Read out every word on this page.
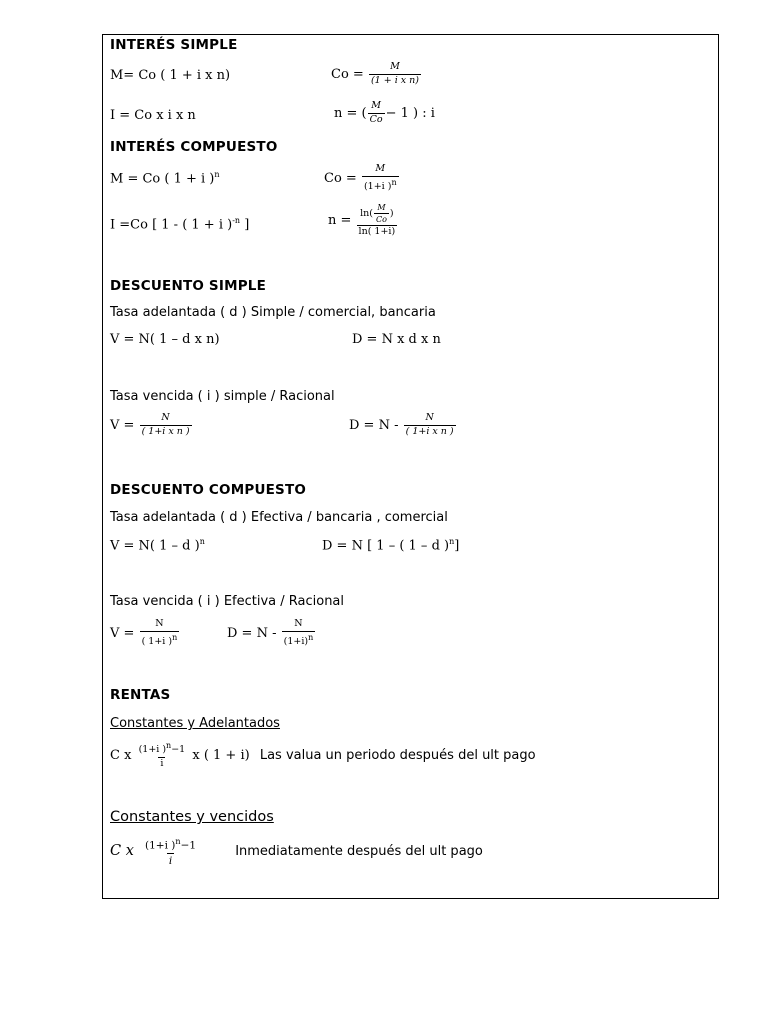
INTERÉS SIMPLE
M= Co ( 1 + i x n)	$Co = \frac{M}{\text{(1 + i x n)}}$
I = Co x i x n	n = ( $\frac{M}{Co} - 1$ ) : i
INTERÉS COMPUESTO
M = Co ( 1 + i )$^n$	$Co = \frac{M}{(1+i )^n}$
I =Co [ 1 - ( 1 + i )$^{-n}$ ]	$n = \frac{\ln( \frac{M}{Co} )}{\ln( 1+i)}$
DESCUENTO SIMPLE
Tasa adelantada ( d ) Simple / comercial, bancaria
V = N( 1 – d x n)	D = N x d x n
Tasa vencida ( i ) simple / Racional
$V = \frac{N}{\text{( 1+i x n )}}$	$D = N - \frac{N}{\text{( 1+i x n )}}$
DESCUENTO COMPUESTO
Tasa adelantada ( d ) Efectiva / bancaria , comercial
V = N( 1 – d )$^n$	D = N [ 1 – ( 1 – d )$^n$]
Tasa vencida ( i ) Efectiva / Racional
$V = \frac{N}{( 1+i )^n}$	$D = N - \frac{N}{(1+i)^n}$
RENTAS
Constantes y Adelantados
C x $\frac{(1+i )^n-1}{i}$ x ( 1 + i) Las valua un periodo después del ult pago
Constantes y vencidos
C x $\frac{(1+i )^n-1}{i}$	Inmediatamente después del ult pago
